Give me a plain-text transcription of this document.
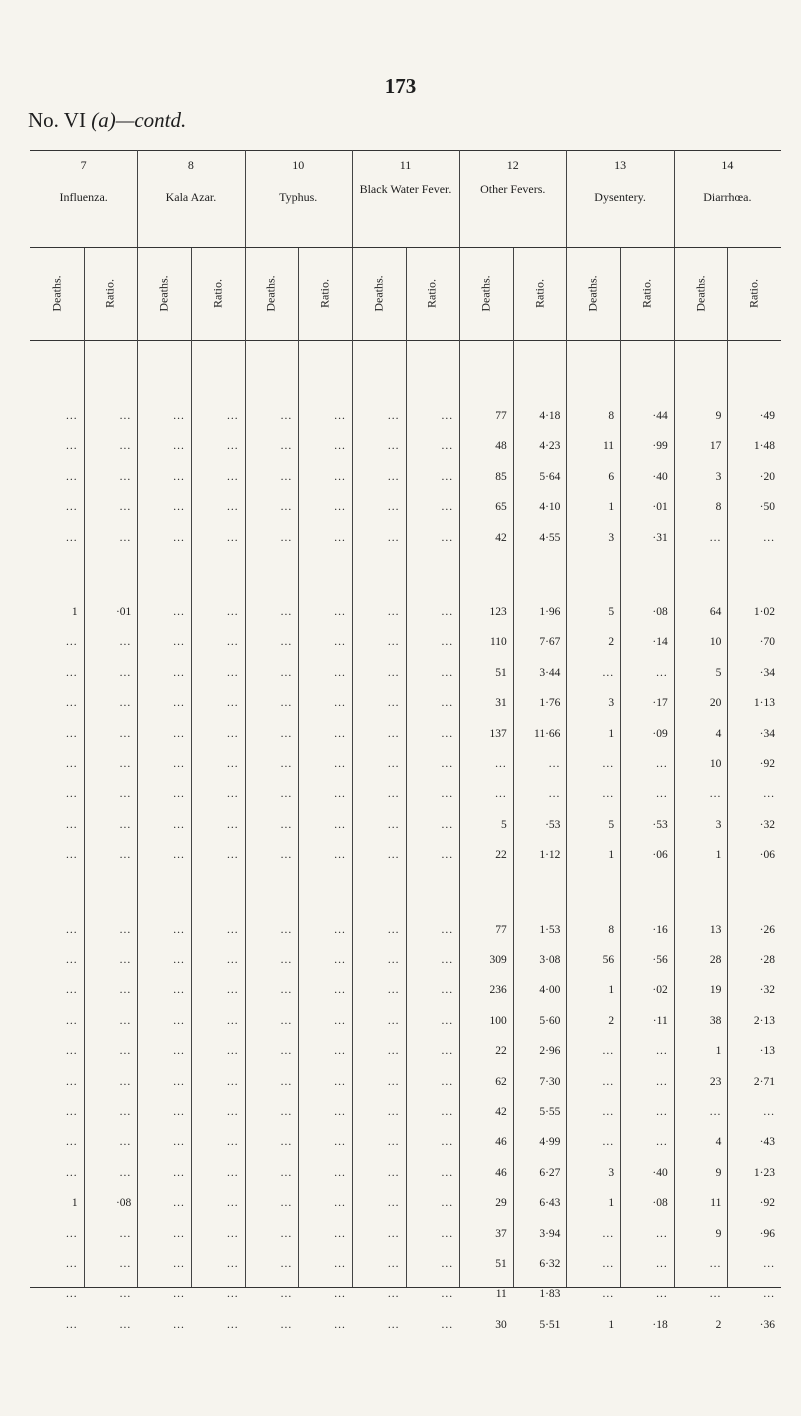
173
No. VI (a)—contd.
7
Influenza.
Deaths.	Ratio.
8
Kala Azar.
Deaths.	Ratio.
10
Typhus.
Deaths.	Ratio.
11
Black Water Fever.
Deaths.	Ratio.
12
Other Fevers.
Deaths.	Ratio.
13
Dysentery.
Deaths.	Ratio.
14
Diarrhœa.
Deaths.	Ratio.
...	...	...	...	...	...	...	...	77	4·18	8	·44	9	·49
...	...	...	...	...	...	...	...	48	4·23	11	·99	17	1·48
...	...	...	...	...	...	...	...	85	5·64	6	·40	3	·20
...	...	...	...	...	...	...	...	65	4·10	1	·01	8	·50
...	...	...	...	...	...	...	...	42	4·55	3	·31	...	...
1	·01	...	...	...	...	...	...	123	1·96	5	·08	64	1·02
...	...	...	...	...	...	...	...	110	7·67	2	·14	10	·70
...	...	...	...	...	...	...	...	51	3·44	...	...	5	·34
...	...	...	...	...	...	...	...	31	1·76	3	·17	20	1·13
...	...	...	...	...	...	...	...	137	11·66	1	·09	4	·34
...	...	...	...	...	...	...	...	...	...	...	...	10	·92
...	...	...	...	...	...	...	...	...	...	...	...	...	...
...	...	...	...	...	...	...	...	5	·53	5	·53	3	·32
...	...	...	...	...	...	...	...	22	1·12	1	·06	1	·06
...	...	...	...	...	...	...	...	77	1·53	8	·16	13	·26
...	...	...	...	...	...	...	...	309	3·08	56	·56	28	·28
...	...	...	...	...	...	...	...	236	4·00	1	·02	19	·32
...	...	...	...	...	...	...	...	100	5·60	2	·11	38	2·13
...	...	...	...	...	...	...	...	22	2·96	...	...	1	·13
...	...	...	...	...	...	...	...	62	7·30	...	...	23	2·71
...	...	...	...	...	...	...	...	42	5·55	...	...	...	...
...	...	...	...	...	...	...	...	46	4·99	...	...	4	·43
...	...	...	...	...	...	...	...	46	6·27	3	·40	9	1·23
1	·08	...	...	...	...	...	...	29	6·43	1	·08	11	·92
...	...	...	...	...	...	...	...	37	3·94	...	...	9	·96
...	...	...	...	...	...	...	...	51	6·32	...	...	...	...
...	...	...	...	...	...	...	...	11	1·83	...	...	...	...
...	...	...	...	...	...	...	...	30	5·51	1	·18	2	·36
